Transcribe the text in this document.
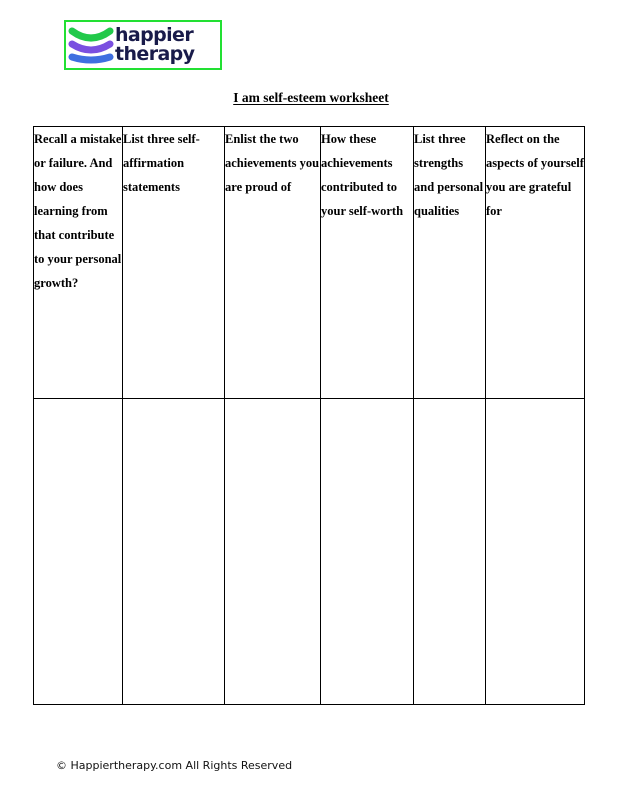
happier
therapy
I am self-esteem worksheet
Recall a mistake or failure. And how does learning from that contribute to your personal growth?	List three self-affirmation statements	Enlist the two achievements you are proud of	How these achievements contributed to your self-worth	List three strengths and personal qualities	Reflect on the aspects of yourself you are grateful for

© Happiertherapy.com All Rights Reserved
